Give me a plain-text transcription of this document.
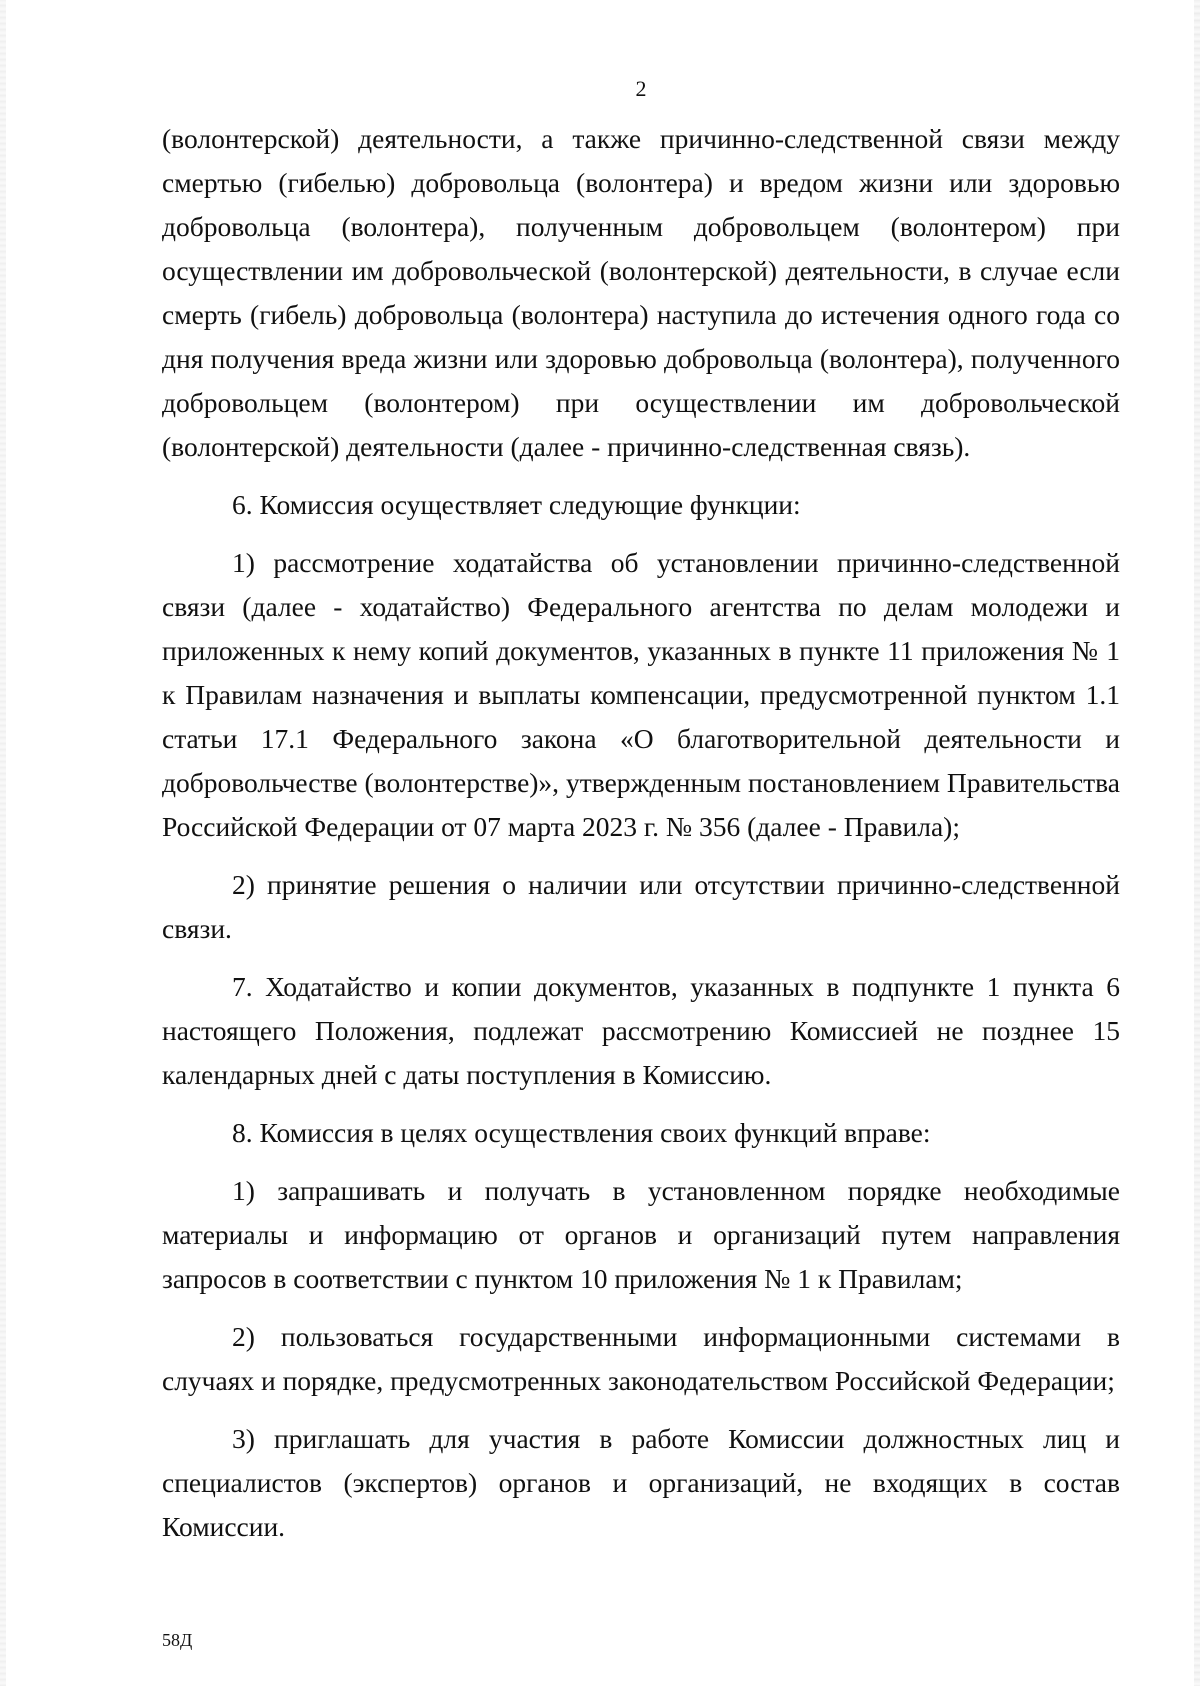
2

(волонтерской) деятельности, а также причинно-следственной связи между смертью (гибелью) добровольца (волонтера) и вредом жизни или здоровью добровольца (волонтера), полученным добровольцем (волонтером) при осуществлении им добровольческой (волонтерской) деятельности, в случае если смерть (гибель) добровольца (волонтера) наступила до истечения одного года со дня получения вреда жизни или здоровью добровольца (волонтера), полученного добровольцем (волонтером) при осуществлении им добровольческой (волонтерской) деятельности (далее - причинно-следственная связь).

6. Комиссия осуществляет следующие функции:

1) рассмотрение ходатайства об установлении причинно-следственной связи (далее - ходатайство) Федерального агентства по делам молодежи и приложенных к нему копий документов, указанных в пункте 11 приложения № 1 к Правилам назначения и выплаты компенсации, предусмотренной пунктом 1.1 статьи 17.1 Федерального закона «О благотворительной деятельности и добровольчестве (волонтерстве)», утвержденным постановлением Правительства Российской Федерации от 07 марта 2023 г. № 356 (далее - Правила);

2) принятие решения о наличии или отсутствии причинно-следственной связи.

7. Ходатайство и копии документов, указанных в подпункте 1 пункта 6 настоящего Положения, подлежат рассмотрению Комиссией не позднее 15 календарных дней с даты поступления в Комиссию.

8. Комиссия в целях осуществления своих функций вправе:

1) запрашивать и получать в установленном порядке необходимые материалы и информацию от органов и организаций путем направления запросов в соответствии с пунктом 10 приложения № 1 к Правилам;

2) пользоваться государственными информационными системами в случаях и порядке, предусмотренных законодательством Российской Федерации;

3) приглашать для участия в работе Комиссии должностных лиц и специалистов (экспертов) органов и организаций, не входящих в состав Комиссии.

58Д
